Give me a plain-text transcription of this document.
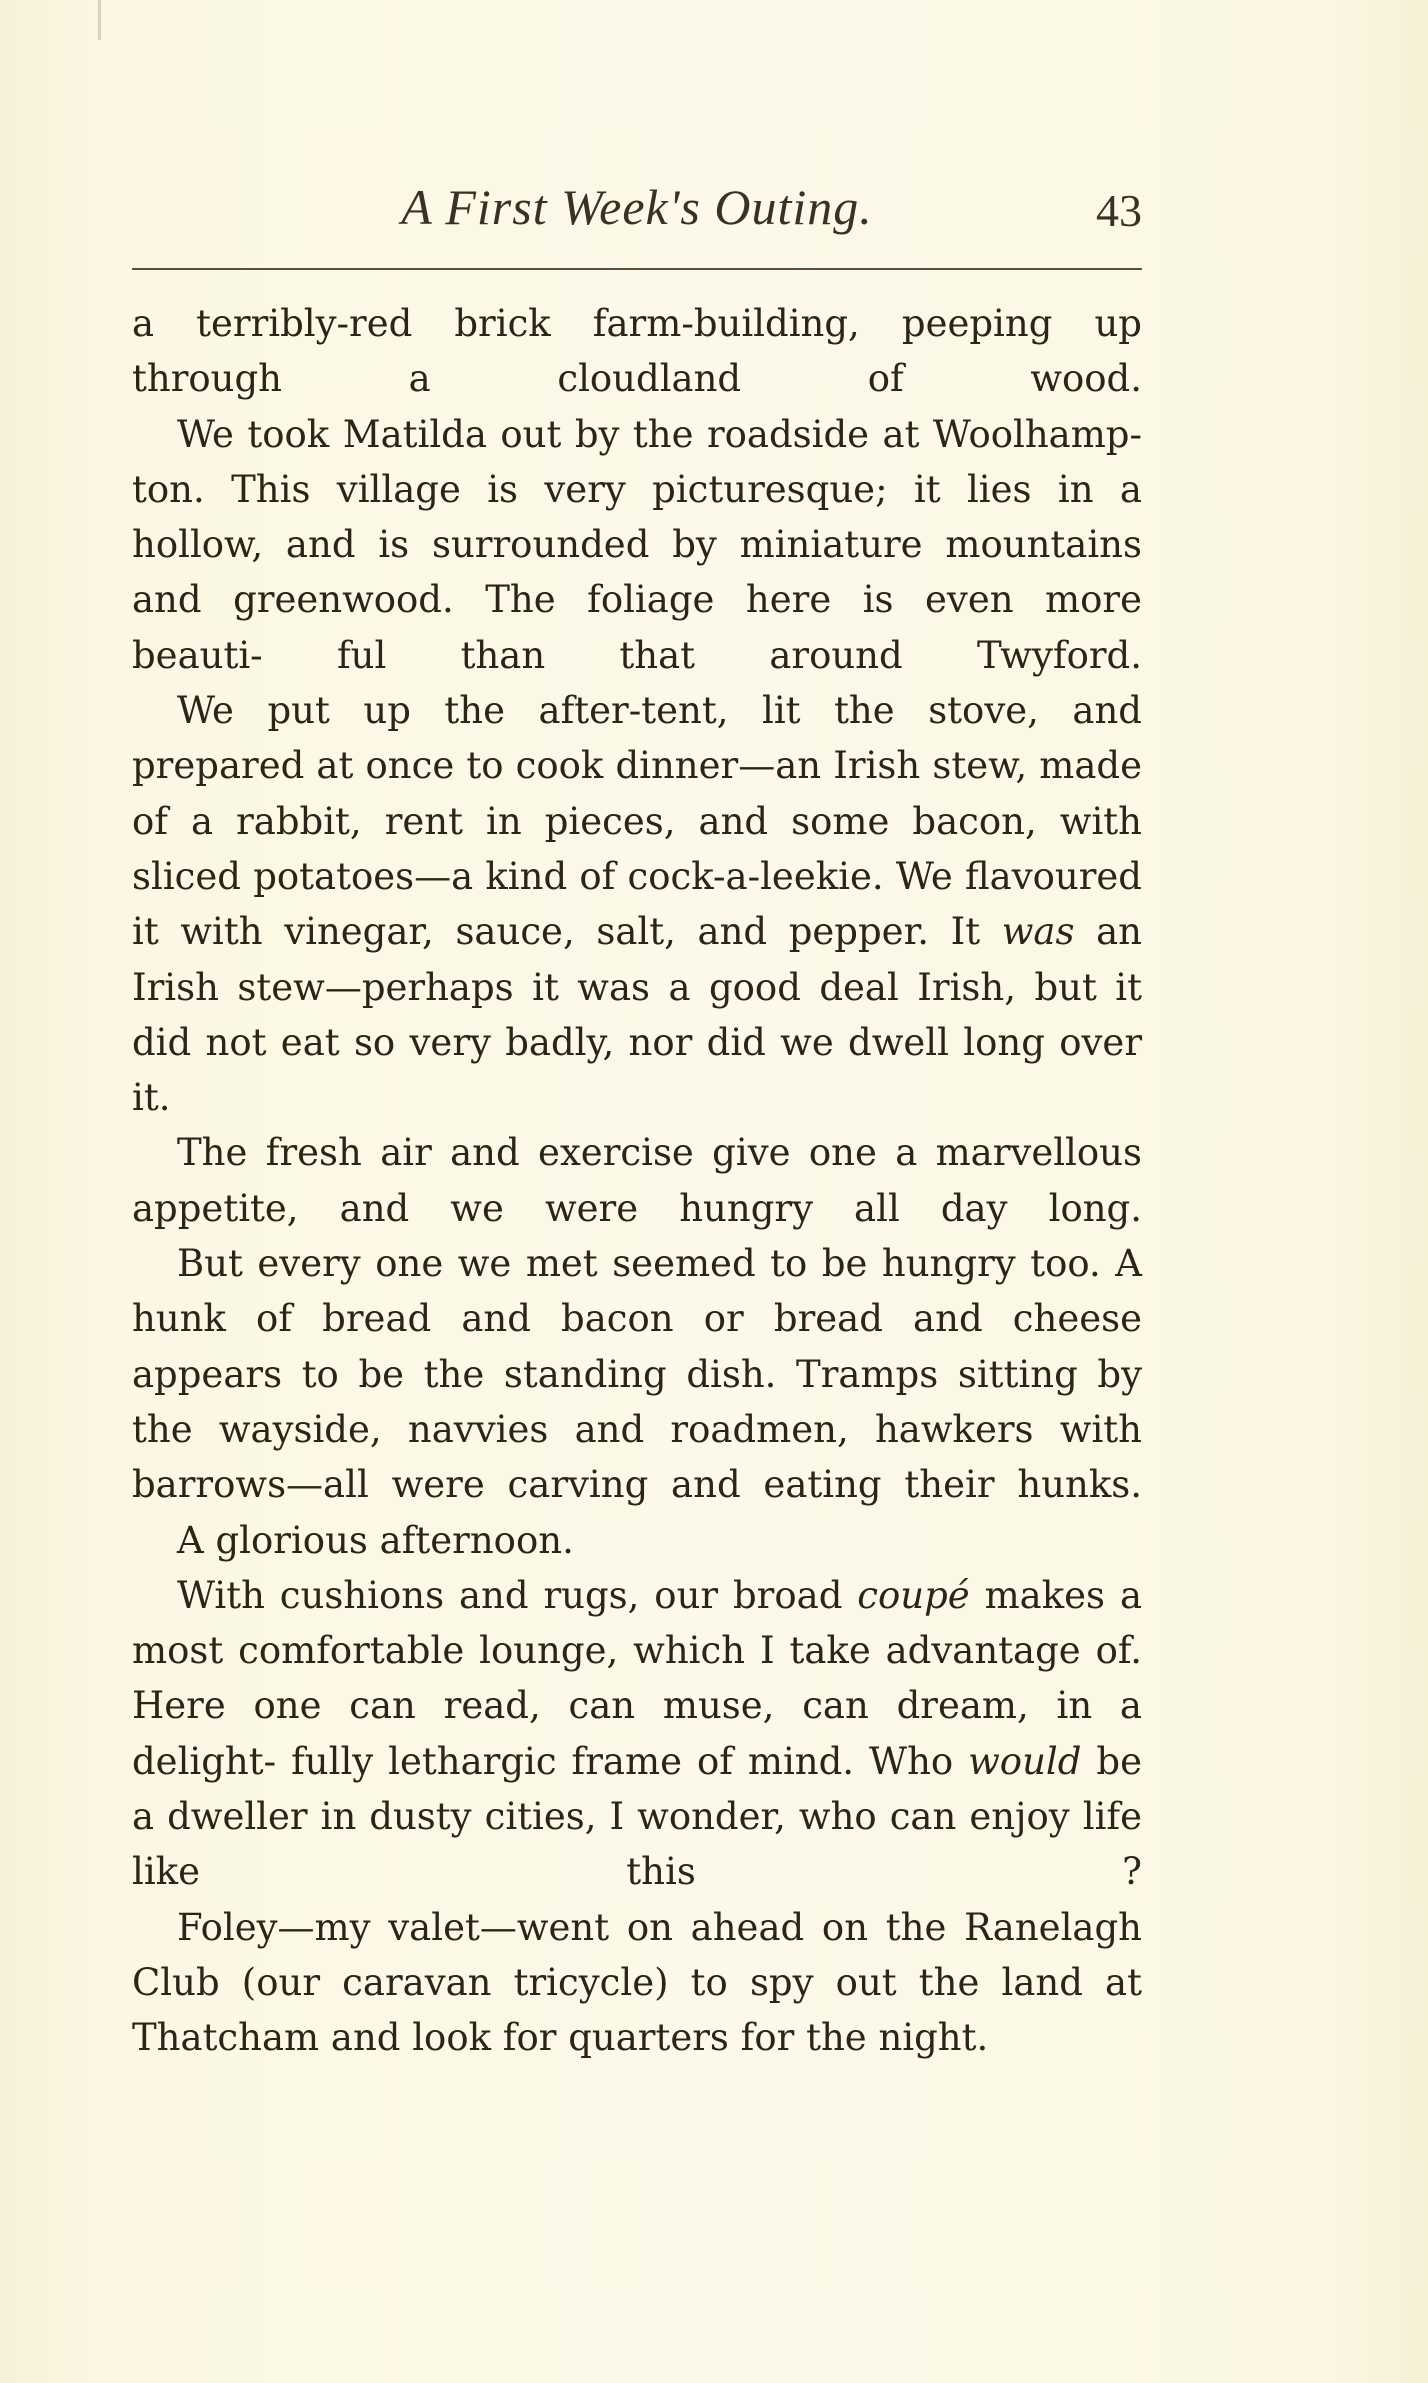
A First Week's Outing.	43

a terribly-red brick farm-building, peeping up through	a cloudland of wood.

We took Matilda out by the roadside at Woolhamp- ton. This village is very picturesque; it lies in a hollow, and is surrounded by miniature mountains and greenwood. The foliage here is even more beauti- ful than that around Twyford.

We put up the after-tent, lit the stove, and prepared at once to cook dinner—an Irish stew, made of a rabbit, rent in pieces, and some bacon, with sliced potatoes—a kind of cock-a-leekie. We flavoured it with vinegar, sauce, salt, and pepper. It was an Irish stew—perhaps it was a good deal Irish, but it did not eat so very badly, nor did we dwell long over it.

The fresh air and exercise give one a marvellous appetite, and we were hungry all day long.

But every one we met seemed to be hungry too. A hunk of bread and bacon or bread and cheese appears to be the standing dish. Tramps sitting by the wayside, navvies and roadmen, hawkers with barrows—all were carving and eating their hunks.

A glorious afternoon.

With cushions and rugs, our broad coupé makes a most comfortable lounge, which I take advantage of. Here one can read, can muse, can dream, in a delight- fully lethargic frame of mind. Who would be a dweller in dusty cities, I wonder, who can enjoy life like this ?

Foley—my valet—went on ahead on the Ranelagh Club (our caravan tricycle) to spy out the land at Thatcham and look for quarters for the night.
